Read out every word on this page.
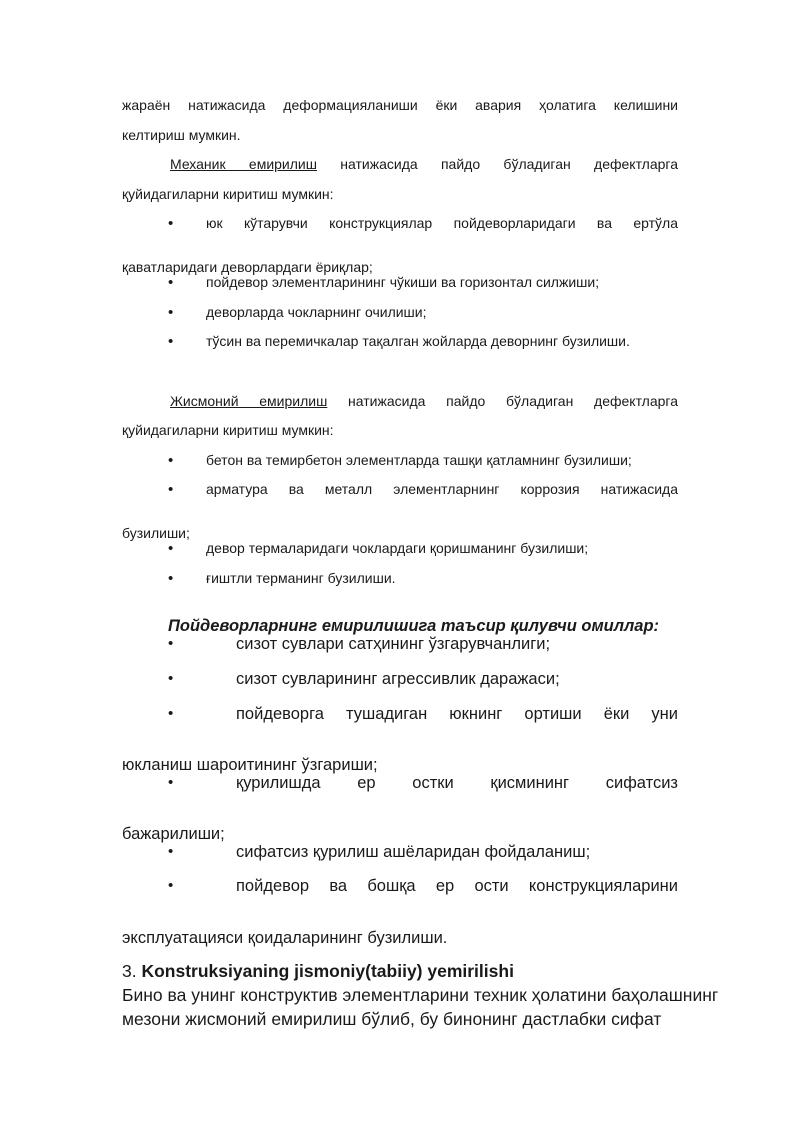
жараён натижасида деформацияланиши ёки авария ҳолатига келишини

келтириш мумкин.

Механик емирилиш натижасида пайдо бўладиган дефектларга

қуйидагиларни киритиш мумкин:

•	юк кўтарувчи конструкциялар пойдеворларидаги ва ертўла

қаватларидаги деворлардаги ёриқлар;

•	пойдевор элементларининг чўкиши ва горизонтал силжиши;
•	деворларда чокларнинг очилиши;
•	тўсин ва перемичкалар тақалган жойларда деворнинг бузилиши.

Жисмоний емирилиш натижасида пайдо бўладиган дефектларга

қуйидагиларни киритиш мумкин:

•	бетон ва темирбетон элементларда ташқи қатламнинг бузилиши;
•	арматура ва металл элементларнинг коррозия натижасида

бузилиши;

•	девор термаларидаги чоклардаги қоришманинг бузилиши;
•	ғиштли терманинг бузилиши.

Пойдеворларнинг емирилишига таъсир қилувчи омиллар:

•	сизот сувлари сатҳининг ўзгарувчанлиги;
•	сизот сувларининг агрессивлик даражаси;
•	пойдеворга тушадиган юкнинг ортиши ёки уни

юкланиш шароитининг ўзгариши;

•	қурилишда ер остки қисмининг сифатсиз

бажарилиши;

•	сифатсиз қурилиш ашёларидан фойдаланиш;
•	пойдевор ва бошқа ер ости конструкцияларини

эксплуатацияси қоидаларининг бузилиши.

3. Konstruksiyaning jismoniy(tabiiy) yemirilishi

Бино ва унинг конструктив элементларини техник ҳолатини баҳолашнинг

мезони жисмоний емирилиш бўлиб, бу бинонинг дастлабки сифат
